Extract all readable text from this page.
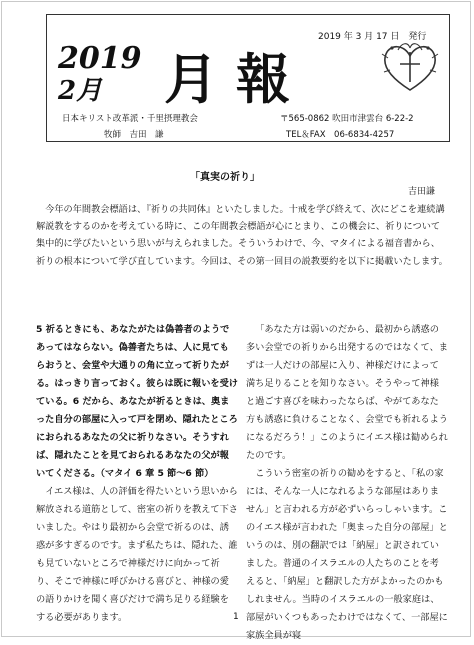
2019 年 3 月 17 日　発行
2019
2月 月 報
日本キリスト改革派・千里摂理教会	〒565-0862 吹田市津雲台 6-22-2
牧師　吉田　謙	TEL＆FAX　06-6834-4257
「真実の祈り」
吉田謙

今年の年間教会標語は、『祈りの共同体』といたしました。十戒を学び終えて、次にどこを連続講解説教をするのかを考えている時に、この年間教会標語が心にとまり、この機会に、祈りについて集中的に学びたいという思いが与えられました。そういうわけで、今、マタイによる福音書から、祈りの根本について学び直しています。今回は、その第一回目の説教要約を以下に掲載いたします。

5 祈るときにも、あなたがたは偽善者のようであってはならない。偽善者たちは、人に見てもらおうと、会堂や大通りの角に立って祈りたがる。はっきり言っておく。彼らは既に報いを受けている。6 だから、あなたが祈るときは、奥まった自分の部屋に入って戸を閉め、隠れたところにおられるあなたの父に祈りなさい。そうすれば、隠れたことを見ておられるあなたの父が報いてくださる。（マタイ 6 章 5 節～6 節）

イエス様は、人の評価を得たいという思いから解放される道筋として、密室の祈りを教えて下さいました。やはり最初から会堂で祈るのは、誘惑が多すぎるのです。まず私たちは、隠れた、誰も見ていないところで神様だけに向かって祈り、そこで神様に呼びかける喜びと、神様の愛の語りかけを聞く喜びだけで満ち足りる経験をする必要があります。

「あなた方は弱いのだから、最初から誘惑の多い会堂での祈りから出発するのではなくて、まずは一人だけの部屋に入り、神様だけによって満ち足りることを知りなさい。そうやって神様と過ごす喜びを味わったならば、やがてあなた方も誘惑に負けることなく、会堂でも祈れるようになるだろう！」このようにイエス様は勧められたのです。

こういう密室の祈りの勧めをすると、「私の家には、そんな一人になれるような部屋はありません」と言われる方が必ずいらっしゃいます。このイエス様が言われた「奥まった自分の部屋」というのは、別の翻訳では「納屋」と訳されていました。普通のイスラエルの人たちのことを考えると、「納屋」と翻訳した方がよかったのかもしれません。当時のイスラエルの一般家庭は、部屋がいくつもあったわけではなくて、一部屋に家族全員が寝

1
